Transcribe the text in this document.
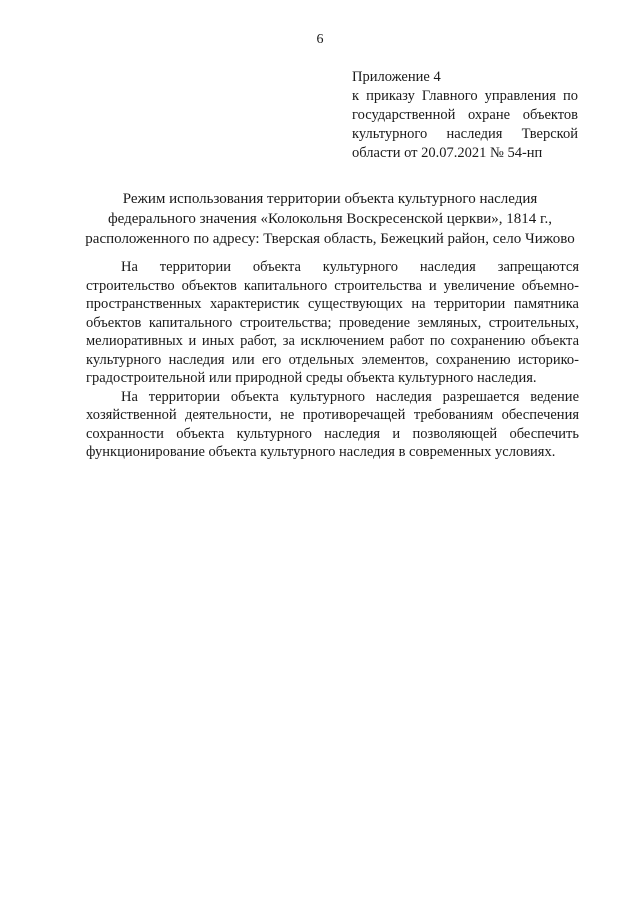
6
Приложение 4
к приказу Главного управления по
государственной охране объектов
культурного наследия Тверской
области от 20.07.2021 № 54-нп
Режим использования территории объекта культурного наследия
федерального значения «Колокольня Воскресенской церкви», 1814 г.,
расположенного по адресу: Тверская область, Бежецкий район, село Чижово
На территории объекта культурного наследия запрещаются
строительство объектов капитального строительства и увеличение объемно-
пространственных характеристик существующих на территории памятника
объектов капитального строительства; проведение земляных, строительных,
мелиоративных и иных работ, за исключением работ по сохранению объекта
культурного наследия или его отдельных элементов, сохранению историко-
градостроительной или природной среды объекта культурного наследия.
На территории объекта культурного наследия разрешается ведение
хозяйственной деятельности, не противоречащей требованиям обеспечения
сохранности объекта культурного наследия и позволяющей обеспечить
функционирование объекта культурного наследия в современных условиях.
